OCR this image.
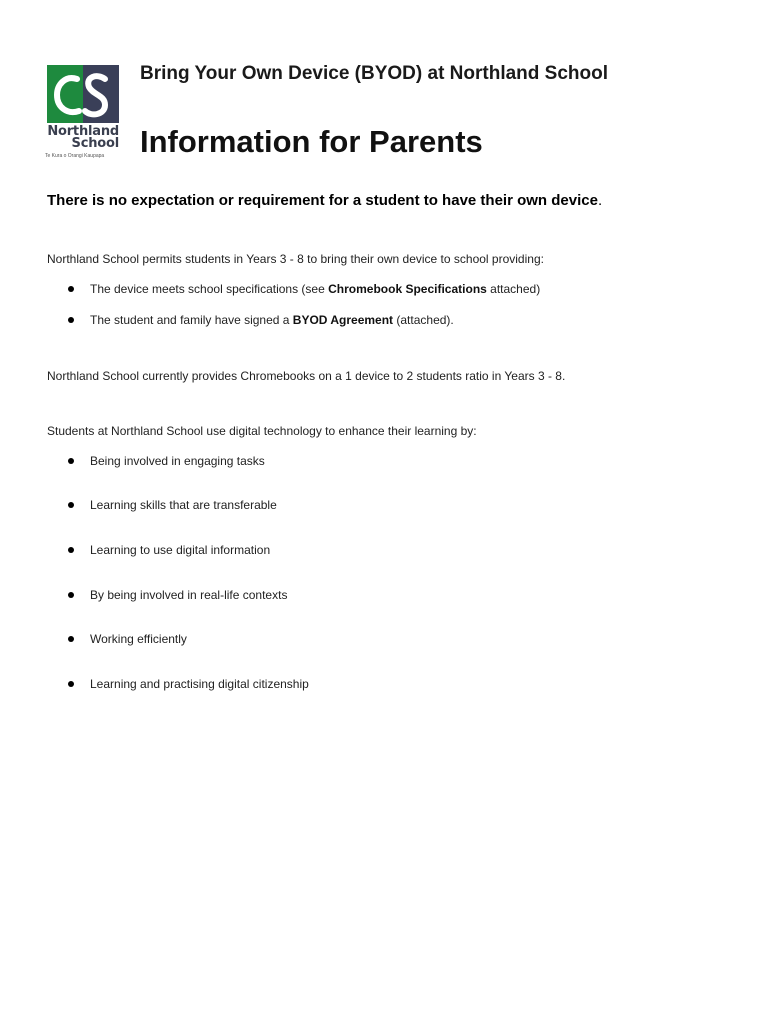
Northland
School
Te Kura o Orangi Kaupapa
Bring Your Own Device (BYOD) at Northland School
Information for Parents
There is no expectation or requirement for a student to have their own device.
Northland School permits students in Years 3 - 8 to bring their own device to school providing:
The device meets school specifications (see Chromebook Specifications attached)
The student and family have signed a BYOD Agreement (attached).
Northland School currently provides Chromebooks on a 1 device to 2 students ratio in Years 3 - 8.
Students at Northland School use digital technology to enhance their learning by:
Being involved in engaging tasks
Learning skills that are transferable
Learning to use digital information
By being involved in real-life contexts
Working efficiently
Learning and practising digital citizenship
